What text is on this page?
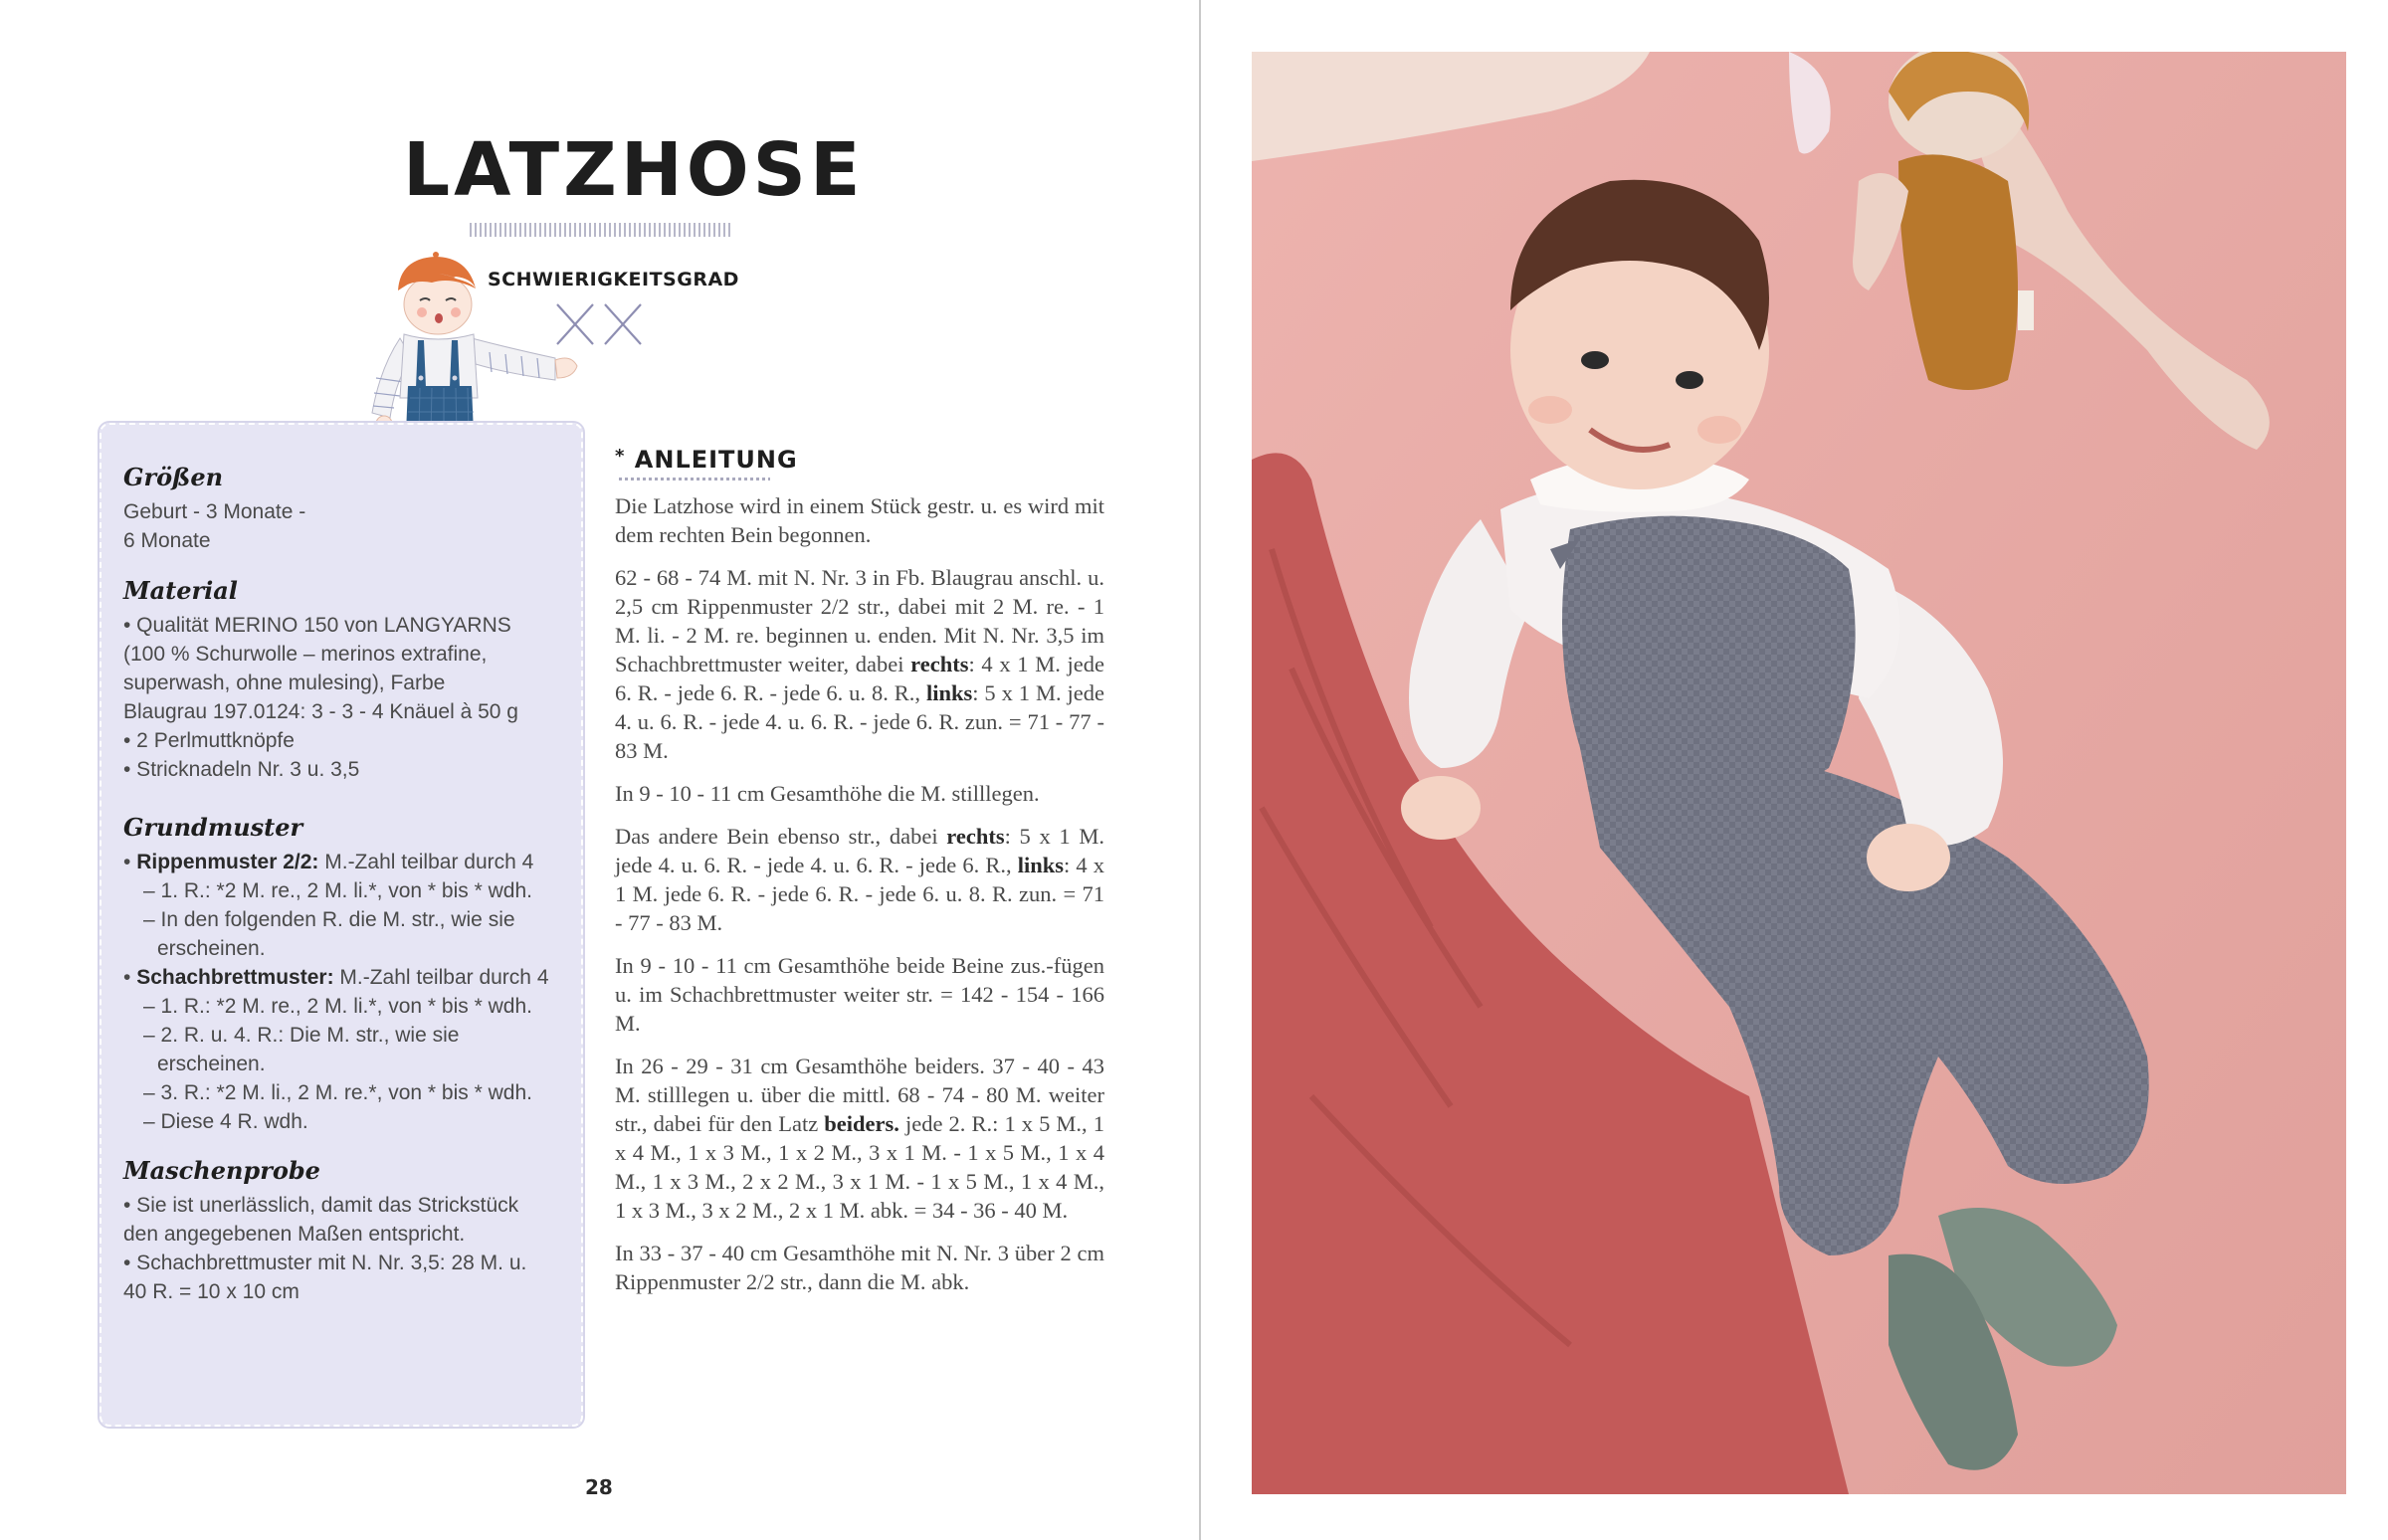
LATZHOSE
SCHWIERIGKEITSGRAD

Größen

Geburt - 3 Monate -
6 Monate

Material

• Qualität MERINO 150 von LANGYARNS
(100 % Schurwolle – merinos extrafine,
superwash, ohne mulesing), Farbe
Blaugrau 197.0124: 3 - 3 - 4 Knäuel à 50 g
• 2 Perlmuttknöpfe
• Stricknadeln Nr. 3 u. 3,5

Grundmuster

• Rippenmuster 2/2: M.-Zahl teilbar durch 4
– 1. R.: *2 M. re., 2 M. li.*, von * bis * wdh.
– In den folgenden R. die M. str., wie sie
erscheinen.
• Schachbrettmuster: M.-Zahl teilbar durch 4
– 1. R.: *2 M. re., 2 M. li.*, von * bis * wdh.
– 2. R. u. 4. R.: Die M. str., wie sie
erscheinen.
– 3. R.: *2 M. li., 2 M. re.*, von * bis * wdh.
– Diese 4 R. wdh.

Maschenprobe

• Sie ist unerlässlich, damit das Strickstück
den angegebenen Maßen entspricht.
• Schachbrettmuster mit N. Nr. 3,5: 28 M. u.
40 R. = 10 x 10 cm

* ANLEITUNG

Die Latzhose wird in einem Stück gestr. u. es wird mit dem rechten Bein begonnen.

62 - 68 - 74 M. mit N. Nr. 3 in Fb. Blaugrau anschl. u. 2,5 cm Rippenmuster 2/2 str., dabei mit 2 M. re. - 1 M. li. - 2 M. re. beginnen u. enden. Mit N. Nr. 3,5 im Schachbrettmuster weiter, dabei rechts: 4 x 1 M. jede 6. R. - jede 6. R. - jede 6. u. 8. R., links: 5 x 1 M. jede 4. u. 6. R. - jede 4. u. 6. R. - jede 6. R. zun. = 71 - 77 - 83 M.

In 9 - 10 - 11 cm Gesamthöhe die M. stilllegen.

Das andere Bein ebenso str., dabei rechts: 5 x 1 M. jede 4. u. 6. R. - jede 4. u. 6. R. - jede 6. R., links: 4 x 1 M. jede 6. R. - jede 6. R. - jede 6. u. 8. R. zun. = 71 - 77 - 83 M.

In 9 - 10 - 11 cm Gesamthöhe beide Beine zus.-fügen u. im Schachbrettmuster weiter str. = 142 - 154 - 166 M.

In 26 - 29 - 31 cm Gesamthöhe beiders. 37 - 40 - 43 M. stilllegen u. über die mittl. 68 - 74 - 80 M. weiter str., dabei für den Latz beiders. jede 2. R.: 1 x 5 M., 1 x 4 M., 1 x 3 M., 1 x 2 M., 3 x 1 M. - 1 x 5 M., 1 x 4 M., 1 x 3 M., 2 x 2 M., 3 x 1 M. - 1 x 5 M., 1 x 4 M., 1 x 3 M., 3 x 2 M., 2 x 1 M. abk. = 34 - 36 - 40 M.

In 33 - 37 - 40 cm Gesamthöhe mit N. Nr. 3 über 2 cm Rippenmuster 2/2 str., dann die M. abk.

28
